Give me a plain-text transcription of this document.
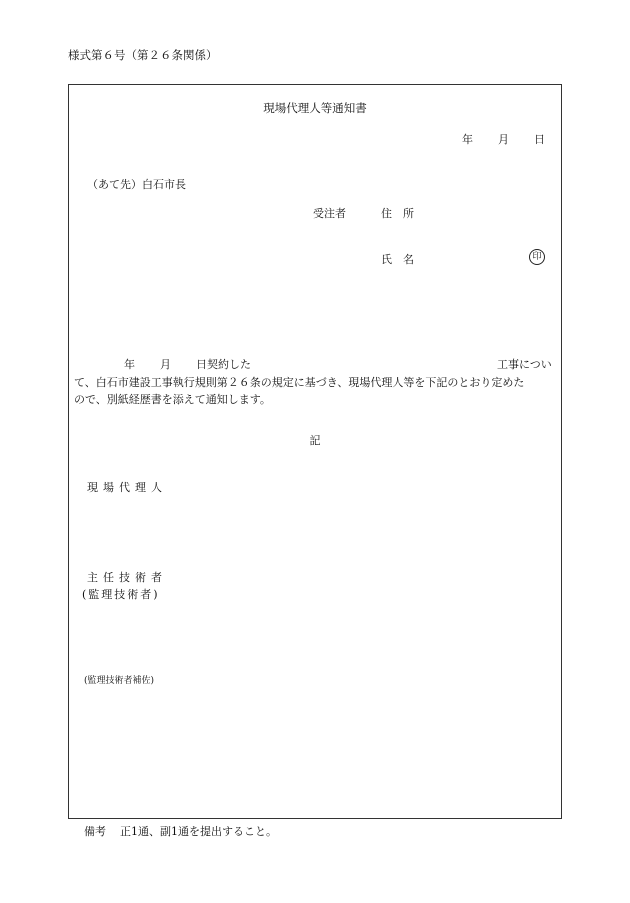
様式第６号（第２６条関係）
現場代理人等通知書
年 月 日
（あて先）白石市長
受注者	住所
氏名	印
年 月 日契約した	工事につい
て、白石市建設工事執行規則第２６条の規定に基づき、現場代理人等を下記のとおり定めた
ので、別紙経歴書を添えて通知します。
記
現場代理人
主任技術者
(監理技術者)
(監理技術者補佐)
備考 正1通、副1通を提出すること。
